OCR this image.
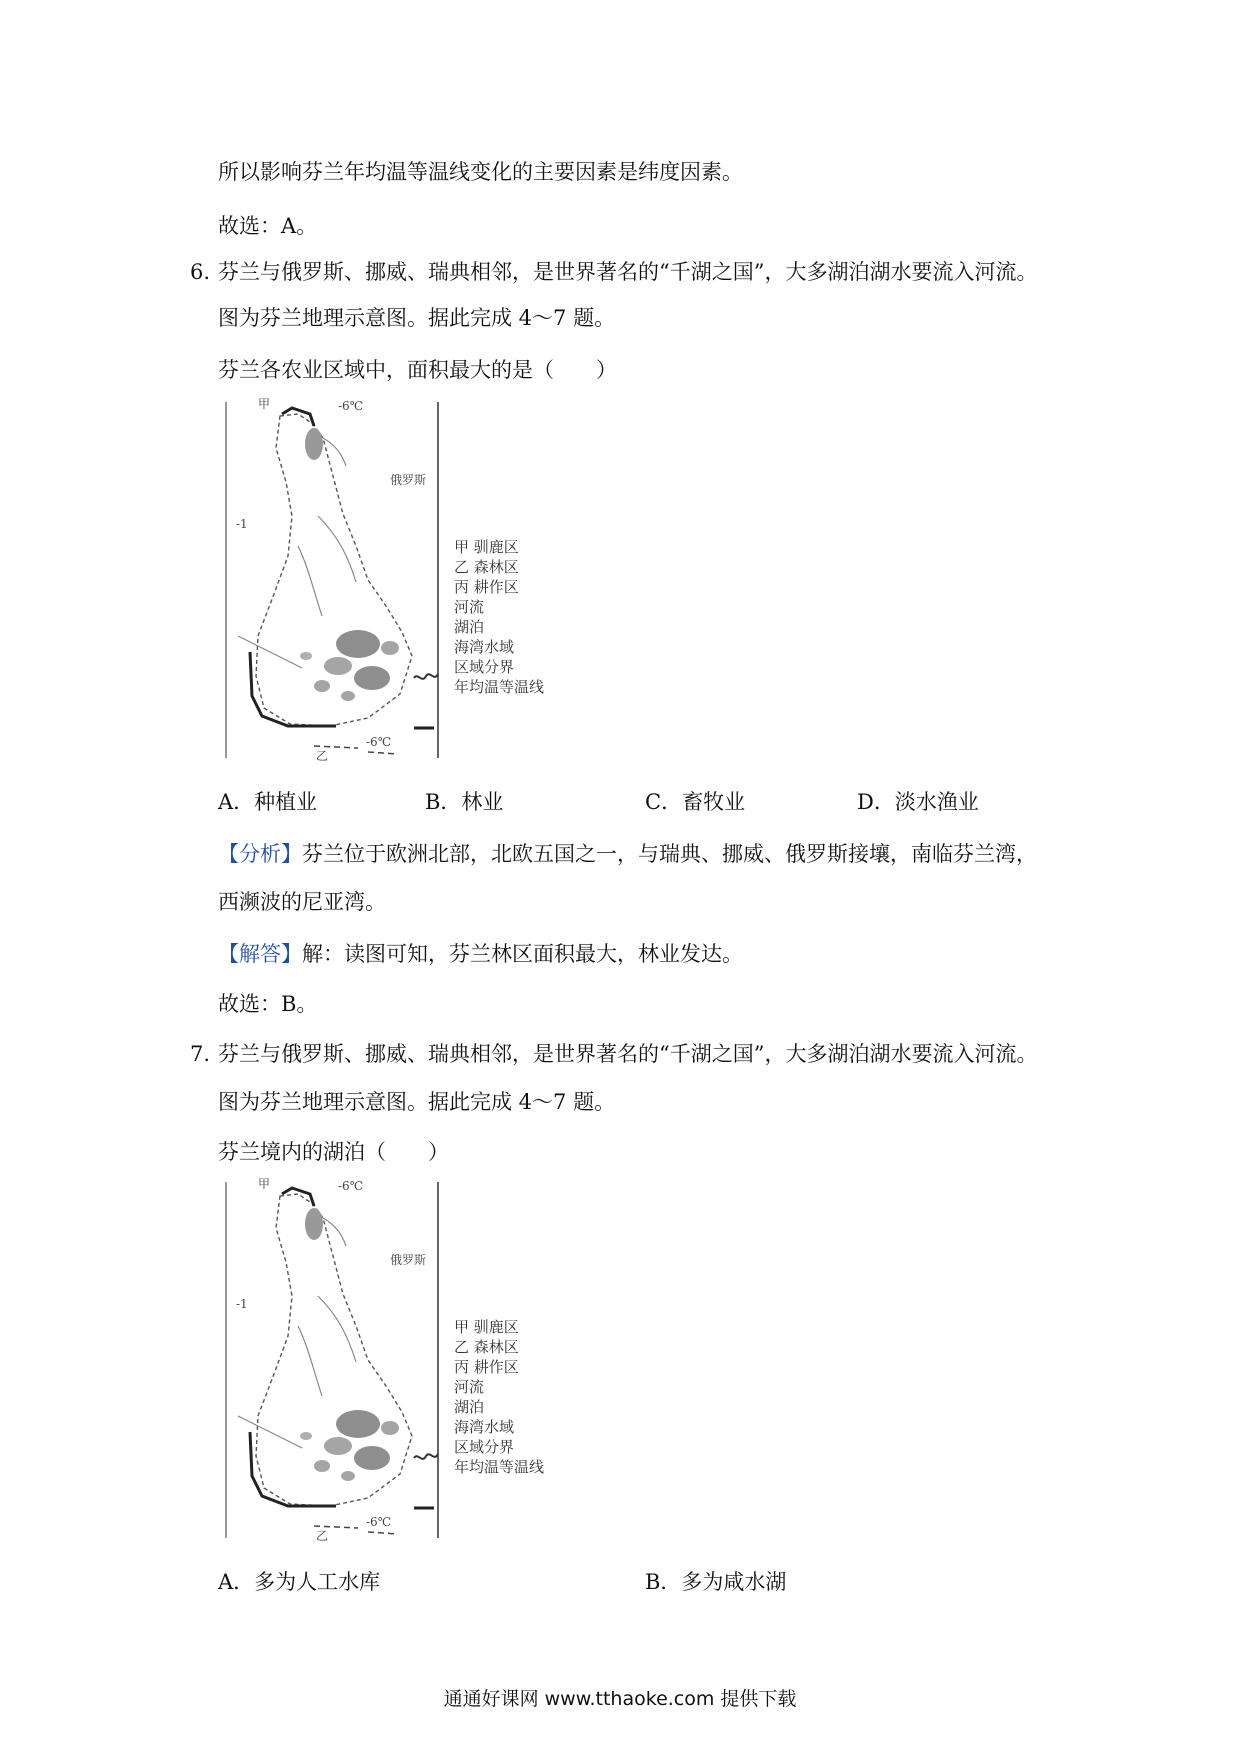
所以影响芬兰年均温等温线变化的主要因素是纬度因素。
故选：A。
6. 芬兰与俄罗斯、挪威、瑞典相邻，是世界著名的“千湖之国”，大多湖泊湖水要流入河流。
图为芬兰地理示意图。据此完成 4～7 题。
芬兰各农业区域中，面积最大的是（　　）
甲	-6℃
俄罗斯
-1
-6℃
乙
甲 驯鹿区
乙 森林区
丙 耕作区
河流
湖泊
海湾水域
区域分界
年均温等温线
A．种植业	B．林业	C．畜牧业	D．淡水渔业
【分析】芬兰位于欧洲北部，北欧五国之一，与瑞典、挪威、俄罗斯接壤，南临芬兰湾，
西濒波的尼亚湾。
【解答】解：读图可知，芬兰林区面积最大，林业发达。
故选：B。
7. 芬兰与俄罗斯、挪威、瑞典相邻，是世界著名的“千湖之国”，大多湖泊湖水要流入河流。
图为芬兰地理示意图。据此完成 4～7 题。
芬兰境内的湖泊（　　）
甲	-6℃
俄罗斯
-1
-6℃
乙
甲 驯鹿区
乙 森林区
丙 耕作区
河流
湖泊
海湾水域
区域分界
年均温等温线
A．多为人工水库	B．多为咸水湖
通通好课网 www.tthaoke.com 提供下载
